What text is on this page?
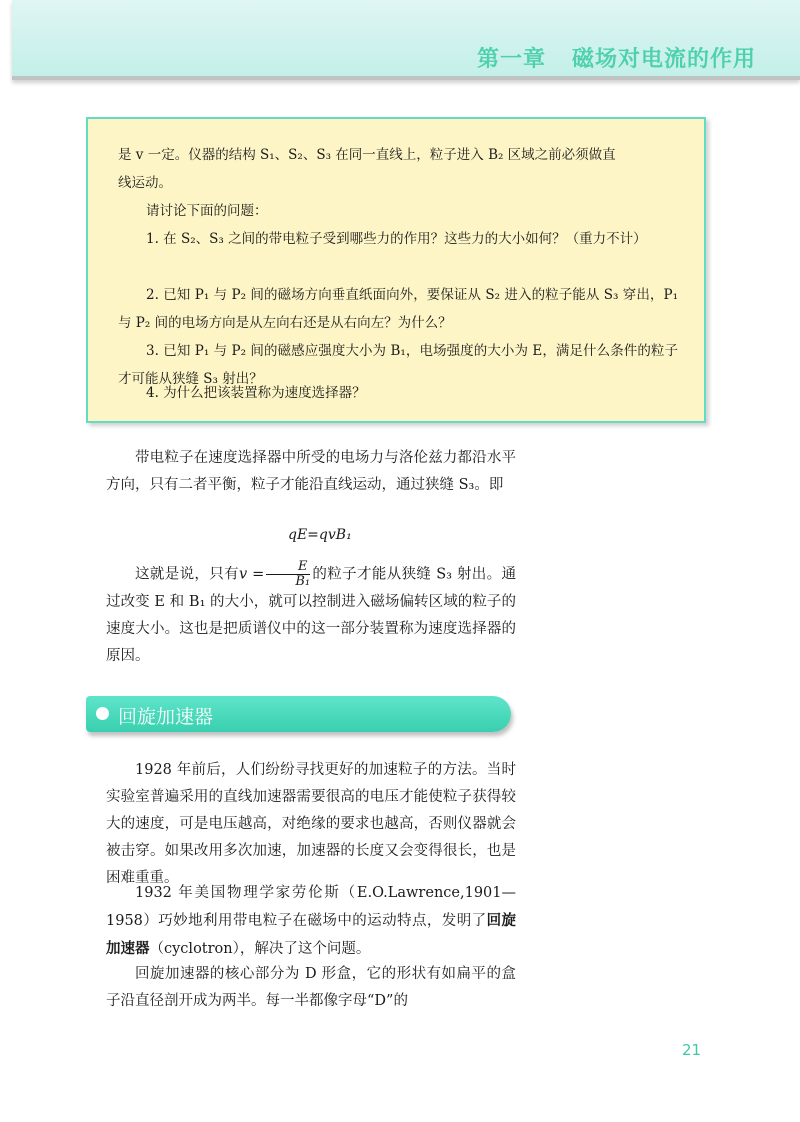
第一章 磁场对电流的作用

是 v 一定。仪器的结构 S₁、S₂、S₃ 在同一直线上，粒子进入 B₂ 区域之前必须做直
线运动。

请讨论下面的问题：

1. 在 S₂、S₃ 之间的带电粒子受到哪些力的作用？这些力的大小如何？（重力不计）

2. 已知 P₁ 与 P₂ 间的磁场方向垂直纸面向外，要保证从 S₂ 进入的粒子能从 S₃ 穿出，P₁ 与 P₂ 间的电场方向是从左向右还是从右向左？为什么？

3. 已知 P₁ 与 P₂ 间的磁感应强度大小为 B₁，电场强度的大小为 E，满足什么条件的粒子才可能从狭缝 S₃ 射出？

4. 为什么把该装置称为速度选择器？

带电粒子在速度选择器中所受的电场力与洛伦兹力都沿水平方向，只有二者平衡，粒子才能沿直线运动，通过狭缝 S₃。即

qE=qvB₁

这就是说，只有$v = \frac{E}{\text{B₁}}$ 的粒子才能从狭缝 S₃ 射出。通过改变 E 和 B₁ 的大小，就可以控制进入磁场偏转区域的粒子的速度大小。这也是把质谱仪中的这一部分装置称为速度选择器的原因。

回旋加速器

1928 年前后，人们纷纷寻找更好的加速粒子的方法。当时实验室普遍采用的直线加速器需要很高的电压才能使粒子获得较大的速度，可是电压越高，对绝缘的要求也越高，否则仪器就会被击穿。如果改用多次加速，加速器的长度又会变得很长，也是困难重重。

1932 年美国物理学家劳伦斯（E.O.Lawrence,1901—1958）巧妙地利用带电粒子在磁场中的运动特点，发明了回旋加速器（cyclotron），解决了这个问题。

回旋加速器的核心部分为 D 形盒，它的形状有如扁平的盒子沿直径剖开成为两半。每一半都像字母“D”的

21
